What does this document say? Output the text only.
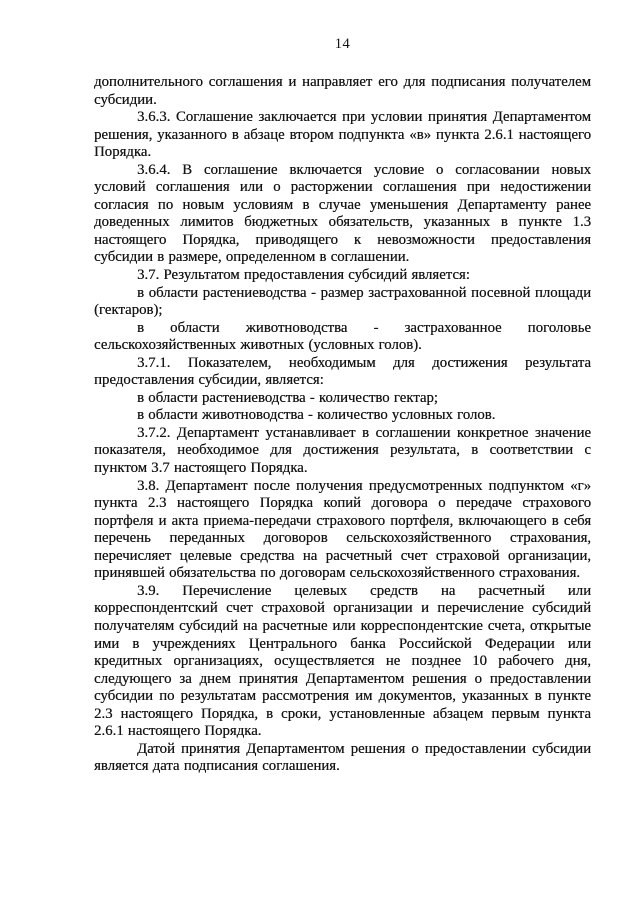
14

дополнительного соглашения и направляет его для подписания получателем субсидии.

3.6.3. Соглашение заключается при условии принятия Департаментом решения, указанного в абзаце втором подпункта «в» пункта 2.6.1 настоящего Порядка.

3.6.4. В соглашение включается условие о согласовании новых условий соглашения или о расторжении соглашения при недостижении согласия по новым условиям в случае уменьшения Департаменту ранее доведенных лимитов бюджетных обязательств, указанных в пункте 1.3 настоящего Порядка, приводящего к невозможности предоставления субсидии в размере, определенном в соглашении.

3.7. Результатом предоставления субсидий является:

в области растениеводства - размер застрахованной посевной площади (гектаров);

в области животноводства - застрахованное поголовье сельскохозяйственных животных (условных голов).

3.7.1. Показателем, необходимым для достижения результата предоставления субсидии, является:

в области растениеводства - количество гектар;

в области животноводства - количество условных голов.

3.7.2. Департамент устанавливает в соглашении конкретное значение показателя, необходимое для достижения результата, в соответствии с пунктом 3.7 настоящего Порядка.

3.8. Департамент после получения предусмотренных подпунктом «г» пункта 2.3 настоящего Порядка копий договора о передаче страхового портфеля и акта приема-передачи страхового портфеля, включающего в себя перечень переданных договоров сельскохозяйственного страхования, перечисляет целевые средства на расчетный счет страховой организации, принявшей обязательства по договорам сельскохозяйственного страхования.

3.9. Перечисление целевых средств на расчетный или корреспондентский счет страховой организации и перечисление субсидий получателям субсидий на расчетные или корреспондентские счета, открытые ими в учреждениях Центрального банка Российской Федерации или кредитных организациях, осуществляется не позднее 10 рабочего дня, следующего за днем принятия Департаментом решения о предоставлении субсидии по результатам рассмотрения им документов, указанных в пункте 2.3 настоящего Порядка, в сроки, установленные абзацем первым пункта 2.6.1 настоящего Порядка.

Датой принятия Департаментом решения о предоставлении субсидии является дата подписания соглашения.
